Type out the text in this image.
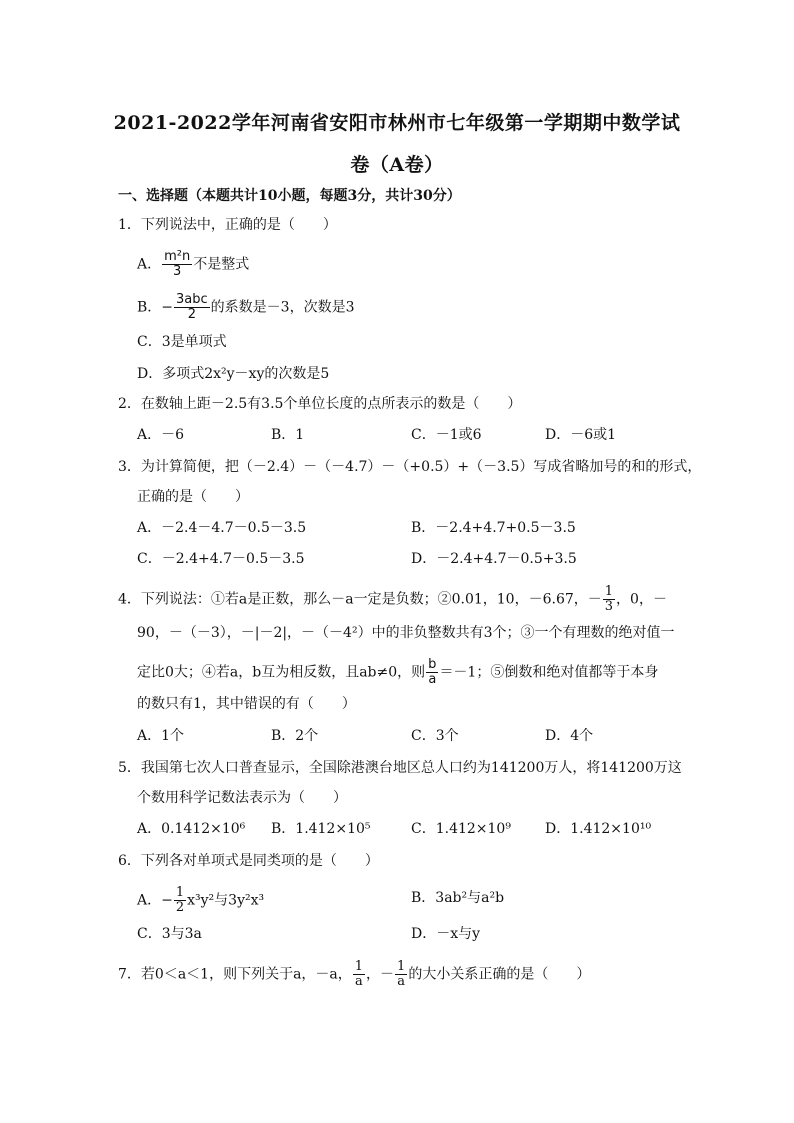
2021-2022学年河南省安阳市林州市七年级第一学期期中数学试
卷（A卷）
一、选择题（本题共计10小题，每题3分，共计30分）
1．下列说法中，正确的是（　　）
A． $\frac{\text{m²n}}{3}$ 不是整式
B．− $\frac{\text{3abc}}{2}$ 的系数是－3，次数是3
C．3是单项式
D．多项式2x²y－xy的次数是5
2．在数轴上距－2.5有3.5个单位长度的点所表示的数是（　　）
A．－6	B．1	C．－1或6	D．－6或1
3．为计算简便，把（－2.4）－（－4.7）－（+0.5）+（－3.5）写成省略加号的和的形式，
正确的是（　　）
A．－2.4－4.7－0.5－3.5	B．－2.4+4.7+0.5－3.5
C．－2.4+4.7－0.5－3.5	D．－2.4+4.7－0.5+3.5
4．下列说法：①若a是正数，那么－a一定是负数；②0.01，10，－6.67，－ $\frac{1}{3}$ ，0，－
90，－（－3），－|－2|，－（－4²）中的非负整数共有3个；③一个有理数的绝对值一
定比0大；④若a，b互为相反数，且ab≠0，则 $\frac{b}{a} =-1$；⑤倒数和绝对值都等于本身
的数只有1，其中错误的有（　　）
A．1个	B．2个	C．3个	D．4个
5．我国第七次人口普查显示，全国除港澳台地区总人口约为141200万人，将141200万这
个数用科学记数法表示为（　　）
A．0.1412×10⁶ B．1.412×10⁵	C．1.412×10⁹ D．1.412×10¹⁰
6．下列各对单项式是同类项的是（　　）
A．− $\frac{1}{2} x^3y^2$与3y²x³	B．3ab²与a²b
C．3与3a	D．－x与y
7．若0＜a＜1，则下列关于a，－a， $\frac{1}{a}$ ，－ $\frac{1}{a}$ 的大小关系正确的是（　　）
